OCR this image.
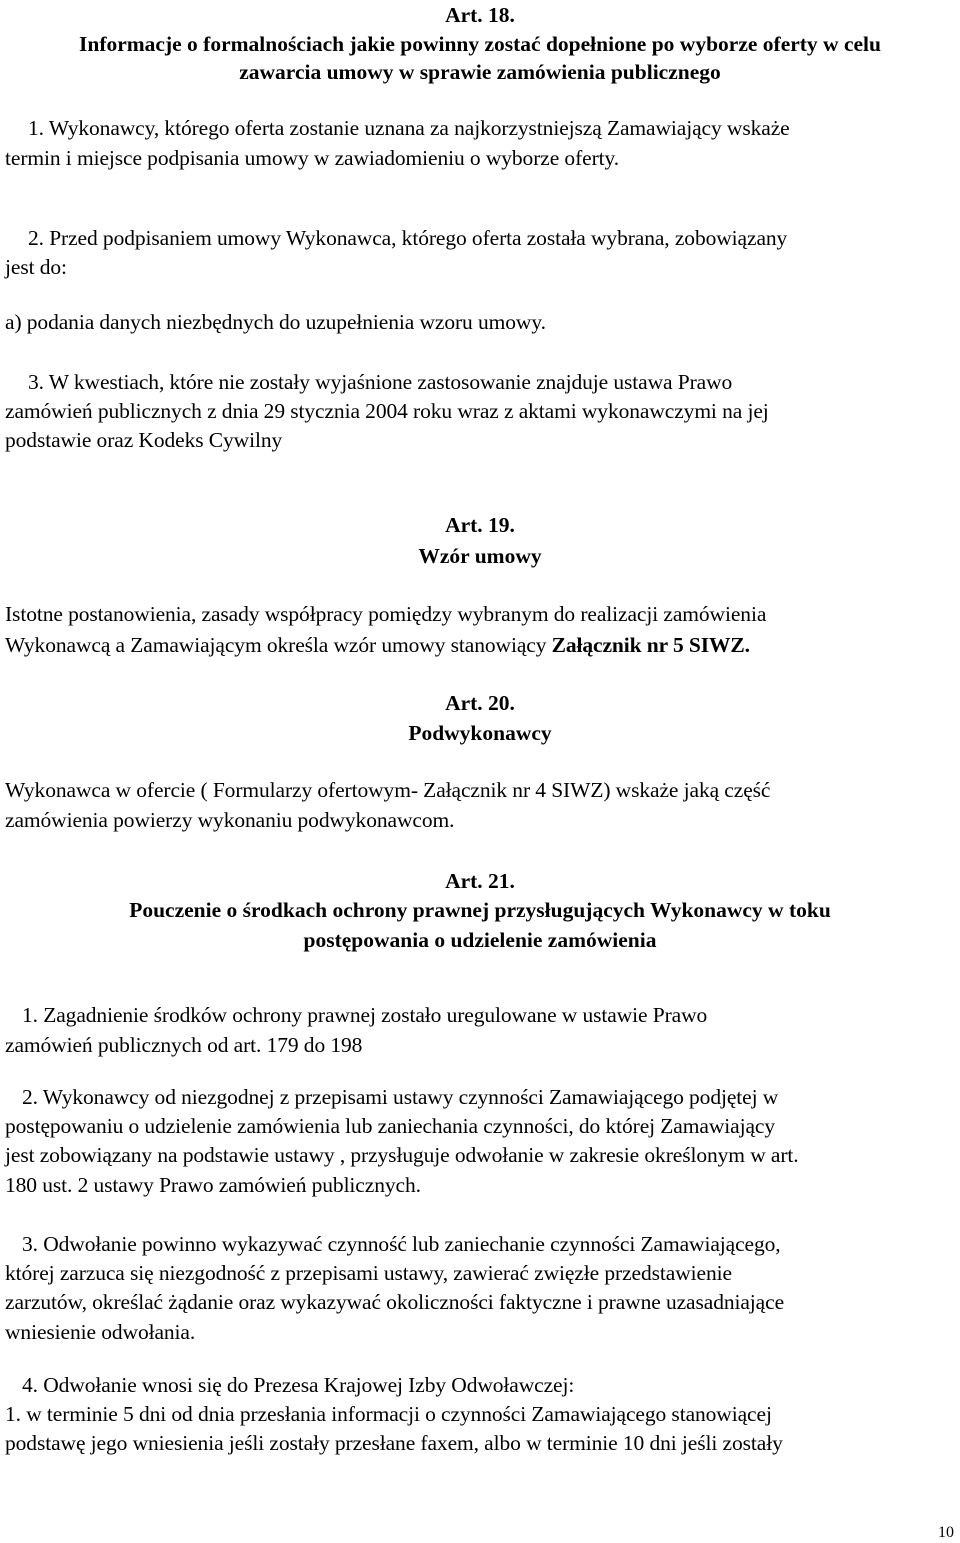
Art. 18.
Informacje o formalnościach jakie powinny zostać dopełnione po wyborze oferty w celu
zawarcia umowy w sprawie zamówienia publicznego
1. Wykonawcy, którego oferta zostanie uznana za najkorzystniejszą Zamawiający wskaże
termin i miejsce podpisania umowy w zawiadomieniu o wyborze oferty.
2. Przed podpisaniem umowy Wykonawca, którego oferta została wybrana, zobowiązany
jest do:
a) podania danych niezbędnych do uzupełnienia wzoru umowy.
3. W kwestiach, które nie zostały wyjaśnione zastosowanie znajduje ustawa Prawo
zamówień publicznych z dnia 29 stycznia 2004 roku wraz z aktami wykonawczymi na jej
podstawie oraz Kodeks Cywilny
Art. 19.
Wzór umowy
Istotne postanowienia, zasady współpracy pomiędzy wybranym do realizacji zamówienia
Wykonawcą a Zamawiającym określa wzór umowy stanowiący Załącznik nr 5 SIWZ.
Art. 20.
Podwykonawcy
Wykonawca w ofercie ( Formularzy ofertowym- Załącznik nr 4 SIWZ) wskaże jaką część
zamówienia powierzy wykonaniu podwykonawcom.
Art. 21.
Pouczenie o środkach ochrony prawnej przysługujących Wykonawcy w toku
postępowania o udzielenie zamówienia
1. Zagadnienie środków ochrony prawnej zostało uregulowane w ustawie Prawo
zamówień publicznych od art. 179 do 198
2. Wykonawcy od niezgodnej z przepisami ustawy czynności Zamawiającego podjętej w
postępowaniu o udzielenie zamówienia lub zaniechania czynności, do której Zamawiający
jest zobowiązany na podstawie ustawy , przysługuje odwołanie w zakresie określonym w art.
180 ust. 2 ustawy Prawo zamówień publicznych.
3. Odwołanie powinno wykazywać czynność lub zaniechanie czynności Zamawiającego,
której zarzuca się niezgodność z przepisami ustawy, zawierać zwięzłe przedstawienie
zarzutów, określać żądanie oraz wykazywać okoliczności faktyczne i prawne uzasadniające
wniesienie odwołania.
4. Odwołanie wnosi się do Prezesa Krajowej Izby Odwoławczej:
1. w terminie 5 dni od dnia przesłania informacji o czynności Zamawiającego stanowiącej
podstawę jego wniesienia jeśli zostały przesłane faxem, albo w terminie 10 dni jeśli zostały
10
